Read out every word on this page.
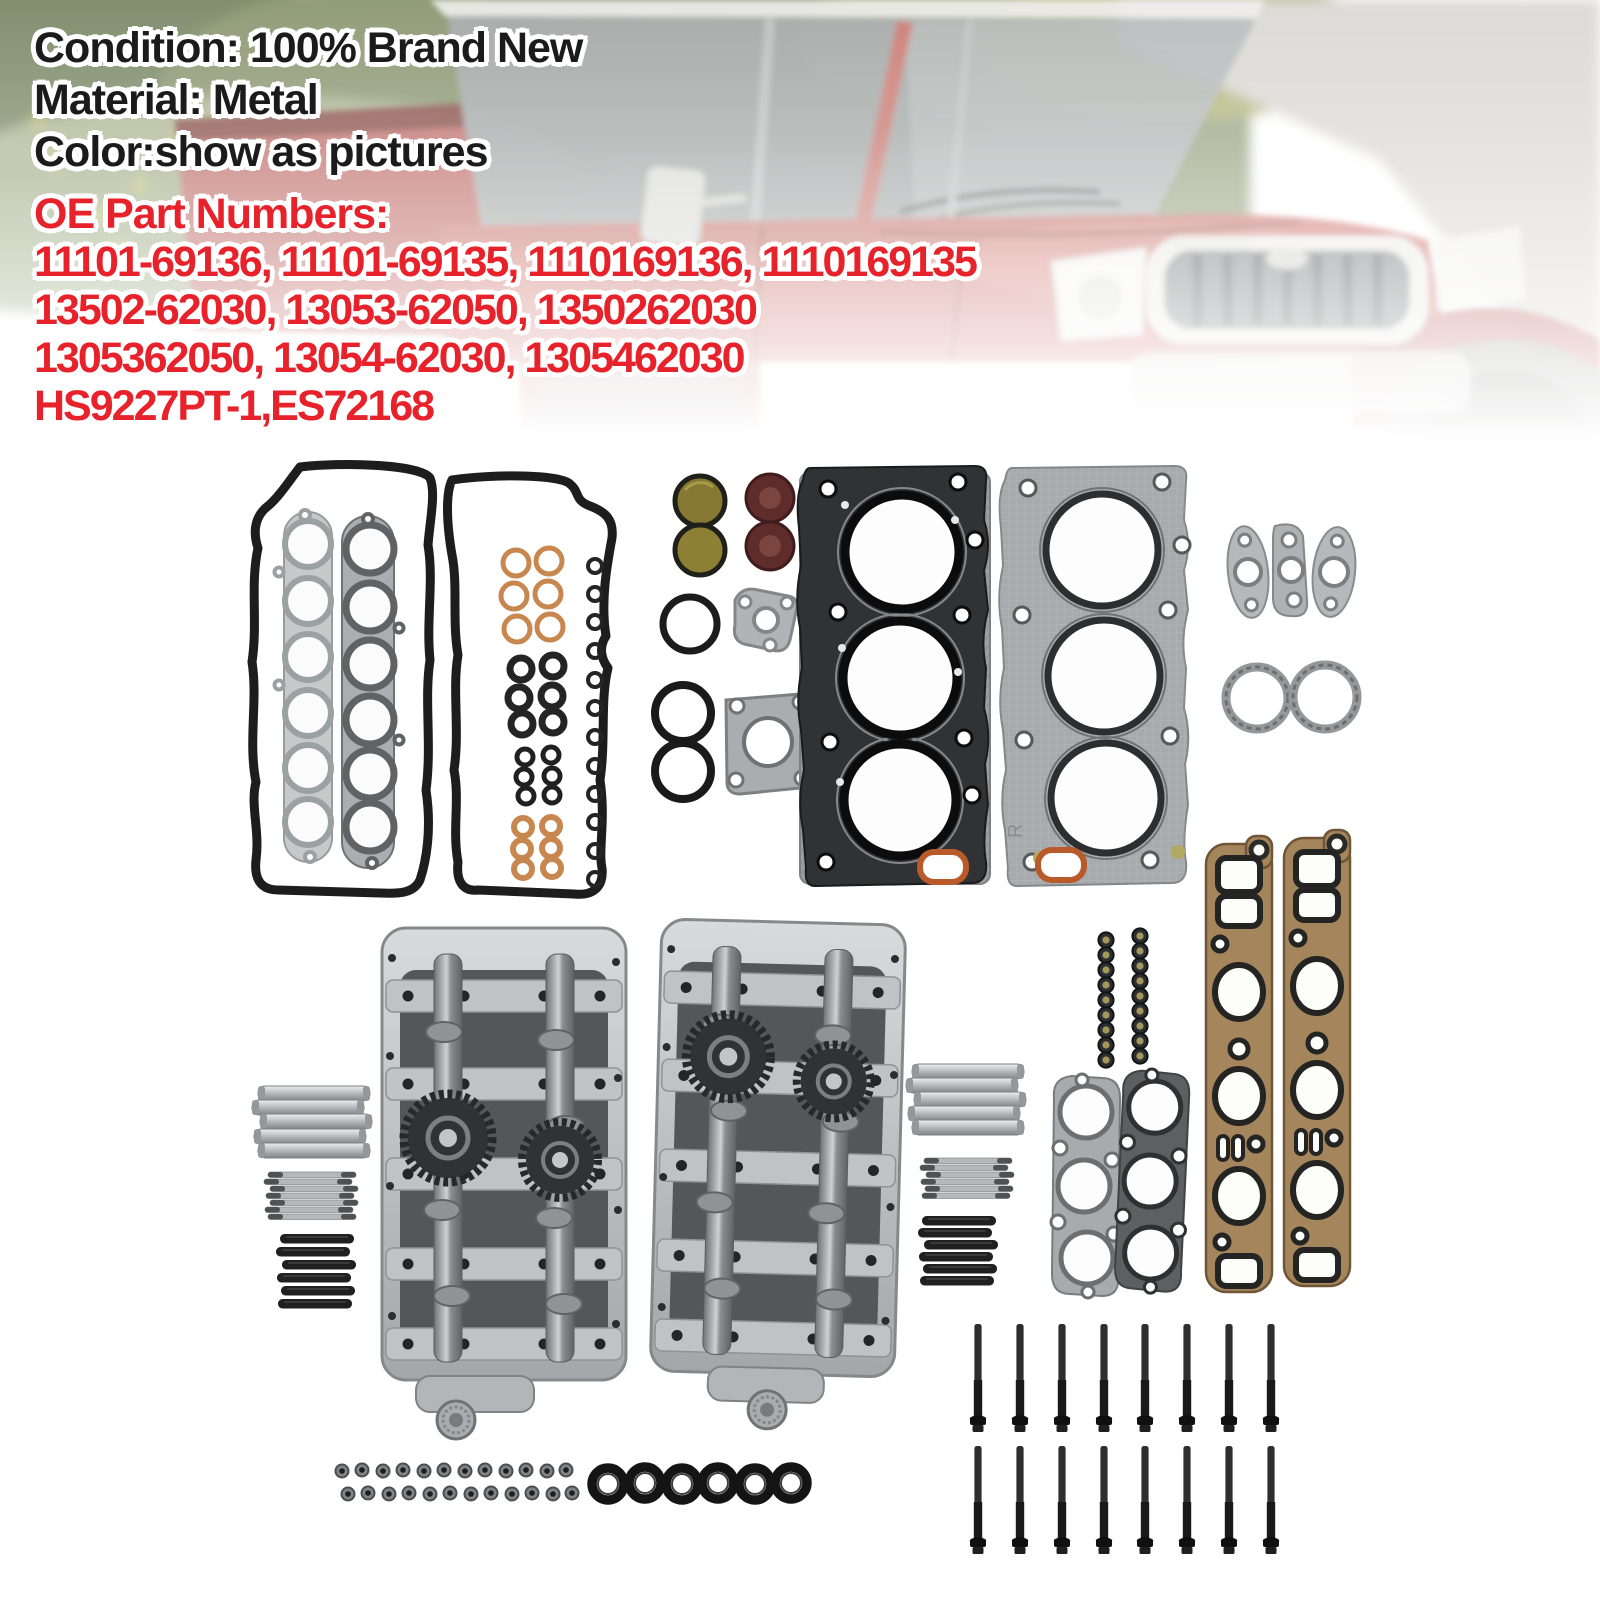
R
Condition: 100% Brand New
Material: Metal
Color:show as pictures
OE Part Numbers:
11101-69136, 11101-69135, 1110169136, 1110169135
13502-62030, 13053-62050, 1350262030
1305362050, 13054-62030, 1305462030
HS9227PT-1,ES72168
